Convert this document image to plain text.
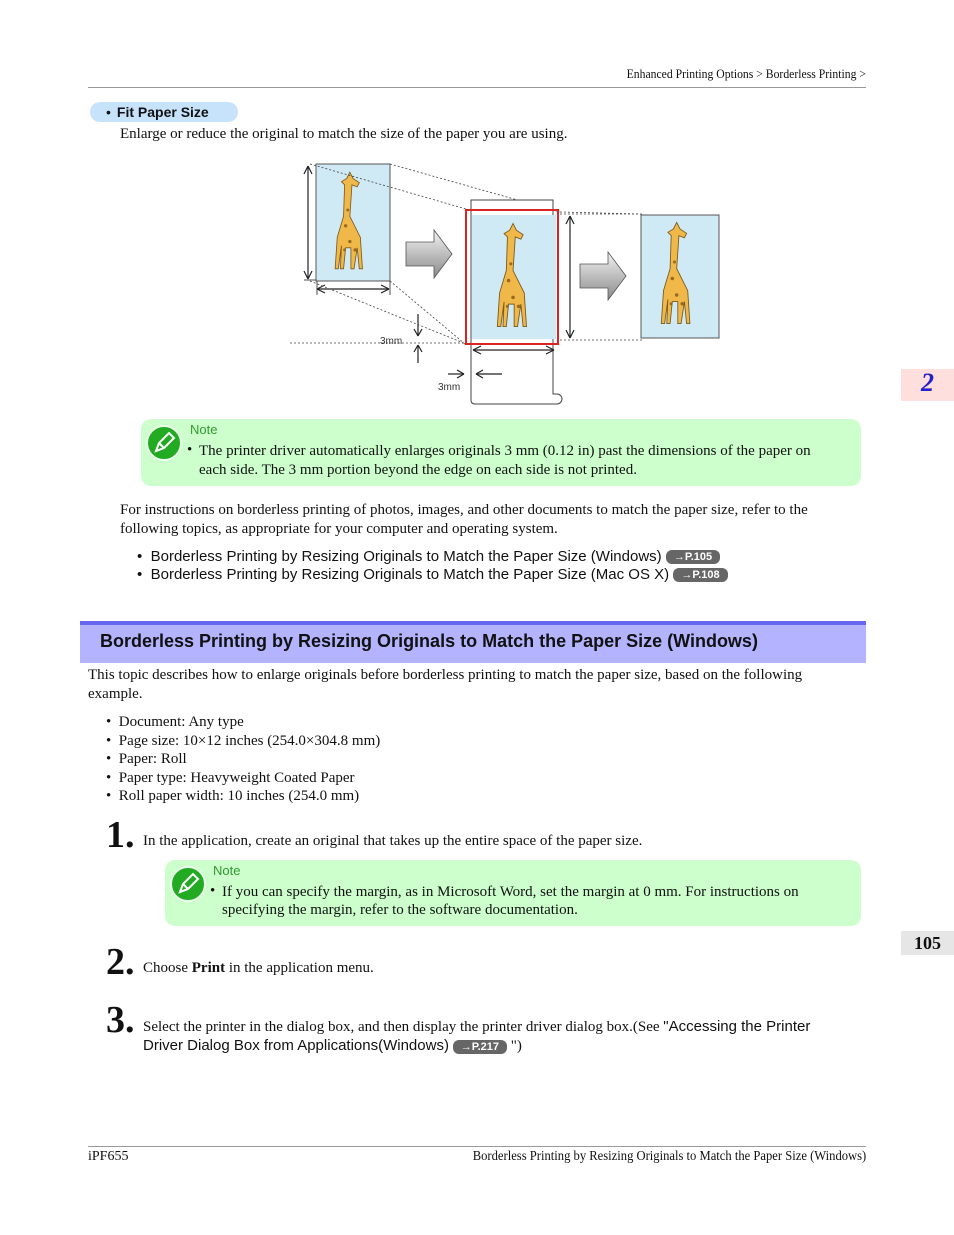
Enhanced Printing Options > Borderless Printing >
• Fit Paper Size
Enlarge or reduce the original to match the size of the paper you are using.
3mm
3mm
Note
• The printer driver automatically enlarges originals 3 mm (0.12 in) past the dimensions of the paper on
each side. The 3 mm portion beyond the edge on each side is not printed.
For instructions on borderless printing of photos, images, and other documents to match the paper size, refer to the
following topics, as appropriate for your computer and operating system.
• Borderless Printing by Resizing Originals to Match the Paper Size (Windows) →P.105
• Borderless Printing by Resizing Originals to Match the Paper Size (Mac OS X) →P.108
Borderless Printing by Resizing Originals to Match the Paper Size (Windows)
This topic describes how to enlarge originals before borderless printing to match the paper size, based on the following
example.
•  Document: Any type
•  Page size: 10×12 inches (254.0×304.8 mm)
•  Paper: Roll
•  Paper type: Heavyweight Coated Paper
•  Roll paper width: 10 inches (254.0 mm)
1. In the application, create an original that takes up the entire space of the paper size.
Note
• If you can specify the margin, as in Microsoft Word, set the margin at 0 mm. For instructions on
specifying the margin, refer to the software documentation.
2. Choose Print in the application menu.
3. Select the printer in the dialog box, and then display the printer driver dialog box.(See "Accessing the Printer
Driver Dialog Box from Applications(Windows) →P.217 ")
2
105
iPF655	Borderless Printing by Resizing Originals to Match the Paper Size (Windows)
